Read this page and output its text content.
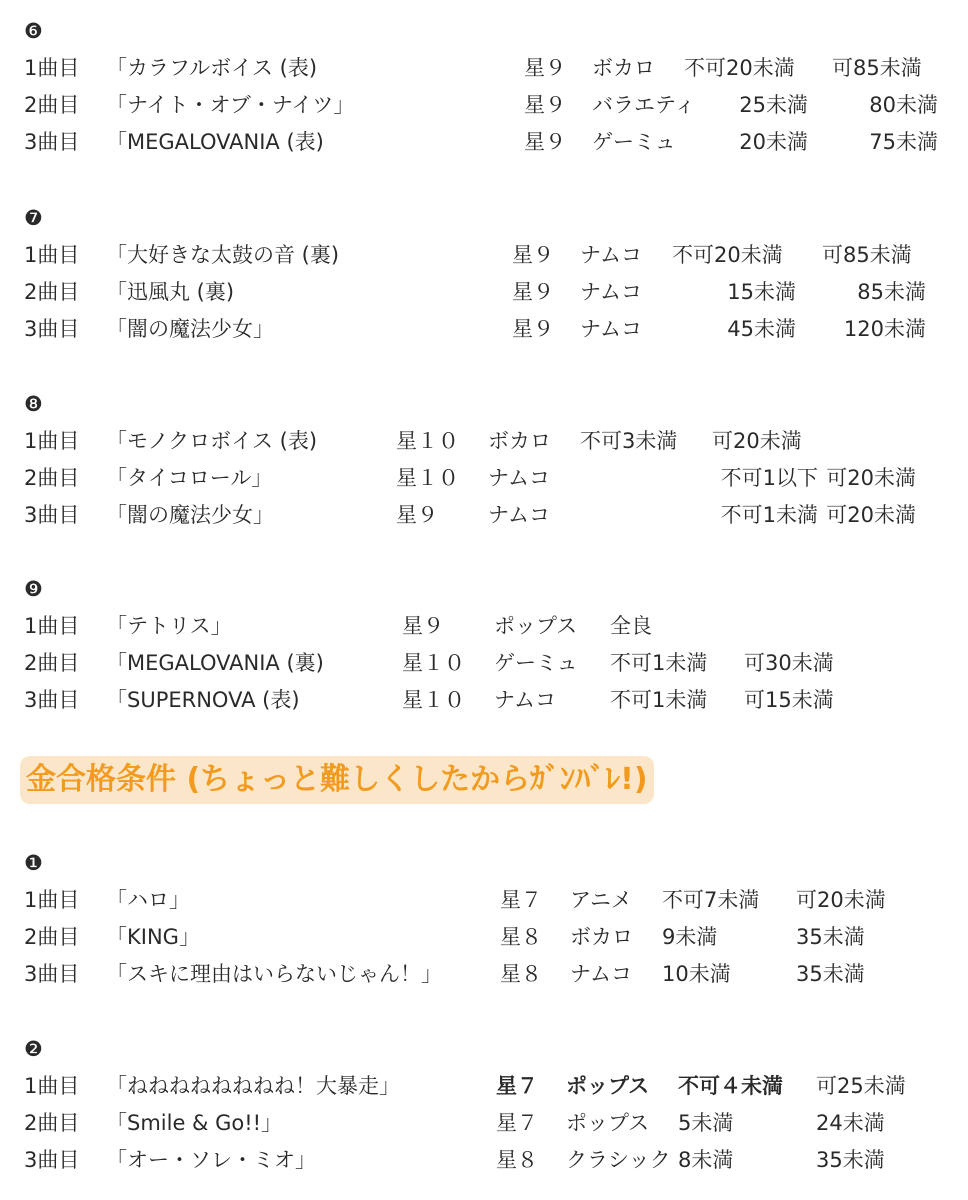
❻
1曲目 「カラフルボイス (表)	星９ ボカロ 不可20未満 可85未満
2曲目 「ナイト・オブ・ナイツ」	星９ バラエティ 25未満	80未満
3曲目 「MEGALOVANIA (表)	星９ ゲーミュ	20未満	75未満
❼
1曲目 「大好きな太鼓の音 (裏)	星９ ナムコ 不可20未満 可85未満
2曲目 「迅風丸 (裏)	星９ ナムコ	15未満	85未満
3曲目 「闇の魔法少女」	星９ ナムコ	45未満 120未満
❽
1曲目 「モノクロボイス (表)	星１０ ボカロ 不可3未満 可20未満
2曲目 「タイコロール」	星１０ ナムコ	不可1以下 可20未満
3曲目 「闇の魔法少女」	星９ ナムコ	不可1未満 可20未満
❾
1曲目 「テトリス」	星９ ポップス 全良
2曲目 「MEGALOVANIA (裏)	星１０ ゲーミュ 不可1未満 可30未満
3曲目 「SUPERNOVA (表)	星１０ ナムコ	不可1未満 可15未満
金合格条件 (ちょっと難しくしたからｶﾞﾝﾊﾞﾚ!)
❶
1曲目 「ハロ」	星７ アニメ 不可7未満 可20未満
2曲目 「KING」	星８ ボカロ 9未満	35未満
3曲目 「スキに理由はいらないじゃん！」	星８ ナムコ 10未満	35未満
❷
1曲目 「ねねねねねねねね！大暴走」	星７ ポップス 不可４未満 可25未満
2曲目 「Smile & Go!!」	星７ ポップス 5未満	24未満
3曲目 「オー・ソレ・ミオ」	星８ クラシック 8未満	35未満
